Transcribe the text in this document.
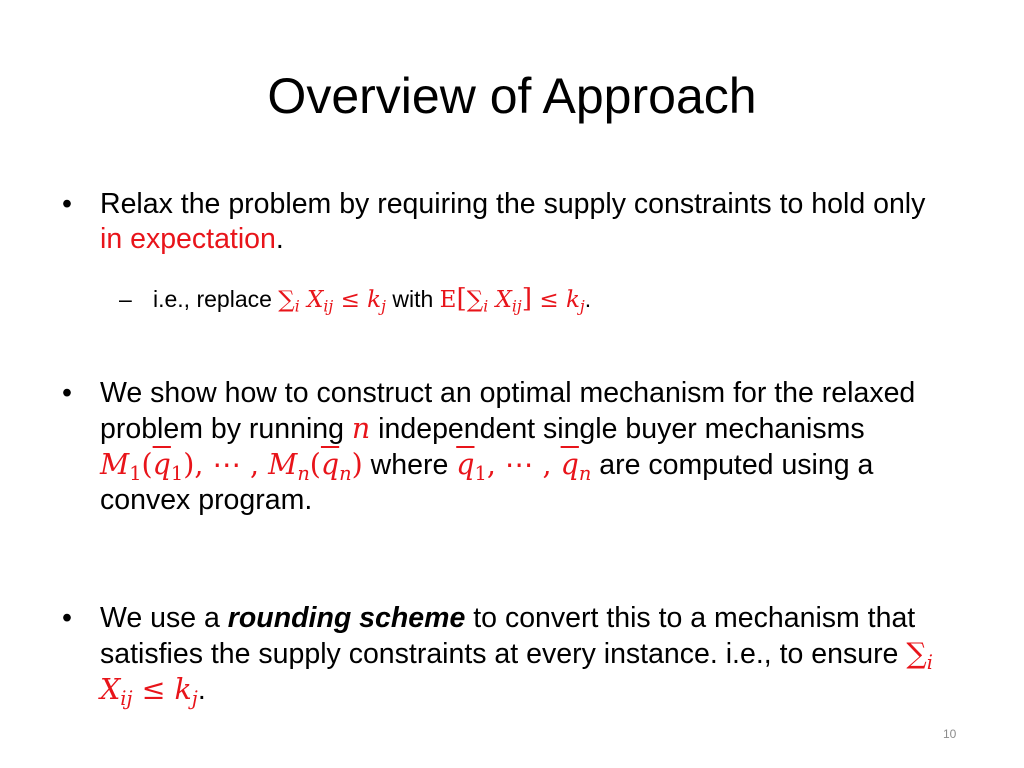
Overview of Approach
• Relax the problem by requiring the supply constraints to hold only in expectation.
– i.e., replace $\sum_i$ $X_{ij} \le k_j$ with $E[\sum_i$ $X_{ij}] \le k_j$.
• We show how to construct an optimal mechanism for the relaxed problem by running n independent single buyer mechanisms $M_1(\overline{q}_1)$, ⋯ , $M_n(\overline{q}_n)$ where $\overline{q}_1$, ⋯ , $\overline{q}_n$ are computed using a convex program.
• We use a rounding scheme to convert this to a mechanism that satisfies the supply constraints at every instance. i.e., to ensure $\sum_i$ $X_{ij} \le k_j$.
10
